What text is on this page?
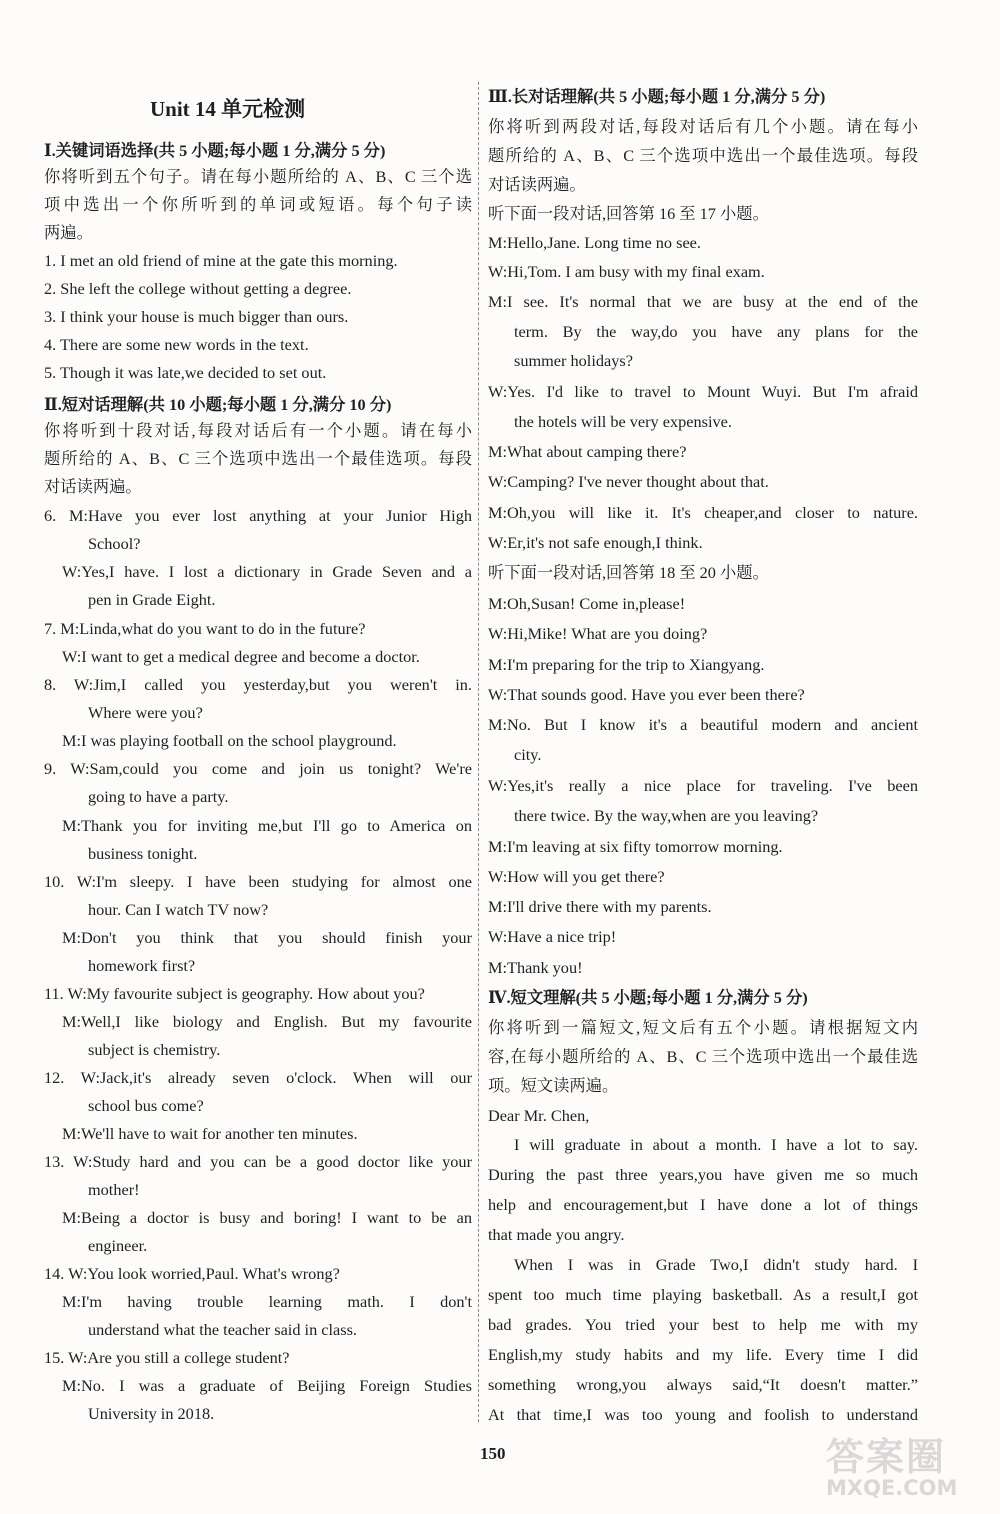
Unit 14 单元检测
Ⅰ.关键词语选择(共 5 小题;每小题 1 分,满分 5 分)
你将听到五个句子。请在每小题所给的 A、B、C 三个选
项中选出一个你所听到的单词或短语。每个句子读
两遍。
1. I met an old friend of mine at the gate this morning.
2. She left the college without getting a degree.
3. I think your house is much bigger than ours.
4. There are some new words in the text.
5. Though it was late,we decided to set out.
Ⅱ.短对话理解(共 10 小题;每小题 1 分,满分 10 分)
你将听到十段对话,每段对话后有一个小题。请在每小
题所给的 A、B、C 三个选项中选出一个最佳选项。每段
对话读两遍。
6. M:Have you ever lost anything at your Junior High
School?
W:Yes,I have. I lost a dictionary in Grade Seven and a
pen in Grade Eight.
7. M:Linda,what do you want to do in the future?
W:I want to get a medical degree and become a doctor.
8. W:Jim,I called you yesterday,but you weren't in.
Where were you?
M:I was playing football on the school playground.
9. W:Sam,could you come and join us tonight? We're
going to have a party.
M:Thank you for inviting me,but I'll go to America on
business tonight.
10. W:I'm sleepy. I have been studying for almost one
hour. Can I watch TV now?
M:Don't you think that you should finish your
homework first?
11. W:My favourite subject is geography. How about you?
M:Well,I like biology and English. But my favourite
subject is chemistry.
12. W:Jack,it's already seven o'clock. When will our
school bus come?
M:We'll have to wait for another ten minutes.
13. W:Study hard and you can be a good doctor like your
mother!
M:Being a doctor is busy and boring! I want to be an
engineer.
14. W:You look worried,Paul. What's wrong?
M:I'm having trouble learning math. I don't
understand what the teacher said in class.
15. W:Are you still a college student?
M:No. I was a graduate of Beijing Foreign Studies
University in 2018.
Ⅲ.长对话理解(共 5 小题;每小题 1 分,满分 5 分)
你将听到两段对话,每段对话后有几个小题。请在每小
题所给的 A、B、C 三个选项中选出一个最佳选项。每段
对话读两遍。
听下面一段对话,回答第 16 至 17 小题。
M:Hello,Jane. Long time no see.
W:Hi,Tom. I am busy with my final exam.
M:I see. It's normal that we are busy at the end of the
term. By the way,do you have any plans for the
summer holidays?
W:Yes. I'd like to travel to Mount Wuyi. But I'm afraid
the hotels will be very expensive.
M:What about camping there?
W:Camping? I've never thought about that.
M:Oh,you will like it. It's cheaper,and closer to nature.
W:Er,it's not safe enough,I think.
听下面一段对话,回答第 18 至 20 小题。
M:Oh,Susan! Come in,please!
W:Hi,Mike! What are you doing?
M:I'm preparing for the trip to Xiangyang.
W:That sounds good. Have you ever been there?
M:No. But I know it's a beautiful modern and ancient
city.
W:Yes,it's really a nice place for traveling. I've been
there twice. By the way,when are you leaving?
M:I'm leaving at six fifty tomorrow morning.
W:How will you get there?
M:I'll drive there with my parents.
W:Have a nice trip!
M:Thank you!
Ⅳ.短文理解(共 5 小题;每小题 1 分,满分 5 分)
你将听到一篇短文,短文后有五个小题。请根据短文内
容,在每小题所给的 A、B、C 三个选项中选出一个最佳选
项。短文读两遍。
Dear Mr. Chen,
I will graduate in about a month. I have a lot to say.
During the past three years,you have given me so much
help and encouragement,but I have done a lot of things
that made you angry.
When I was in Grade Two,I didn't study hard. I
spent too much time playing basketball. As a result,I got
bad grades. You tried your best to help me with my
English,my study habits and my life. Every time I did
something wrong,you always said,“It doesn't matter.”
At that time,I was too young and foolish to understand
150	答案圈
MXQE.COM
